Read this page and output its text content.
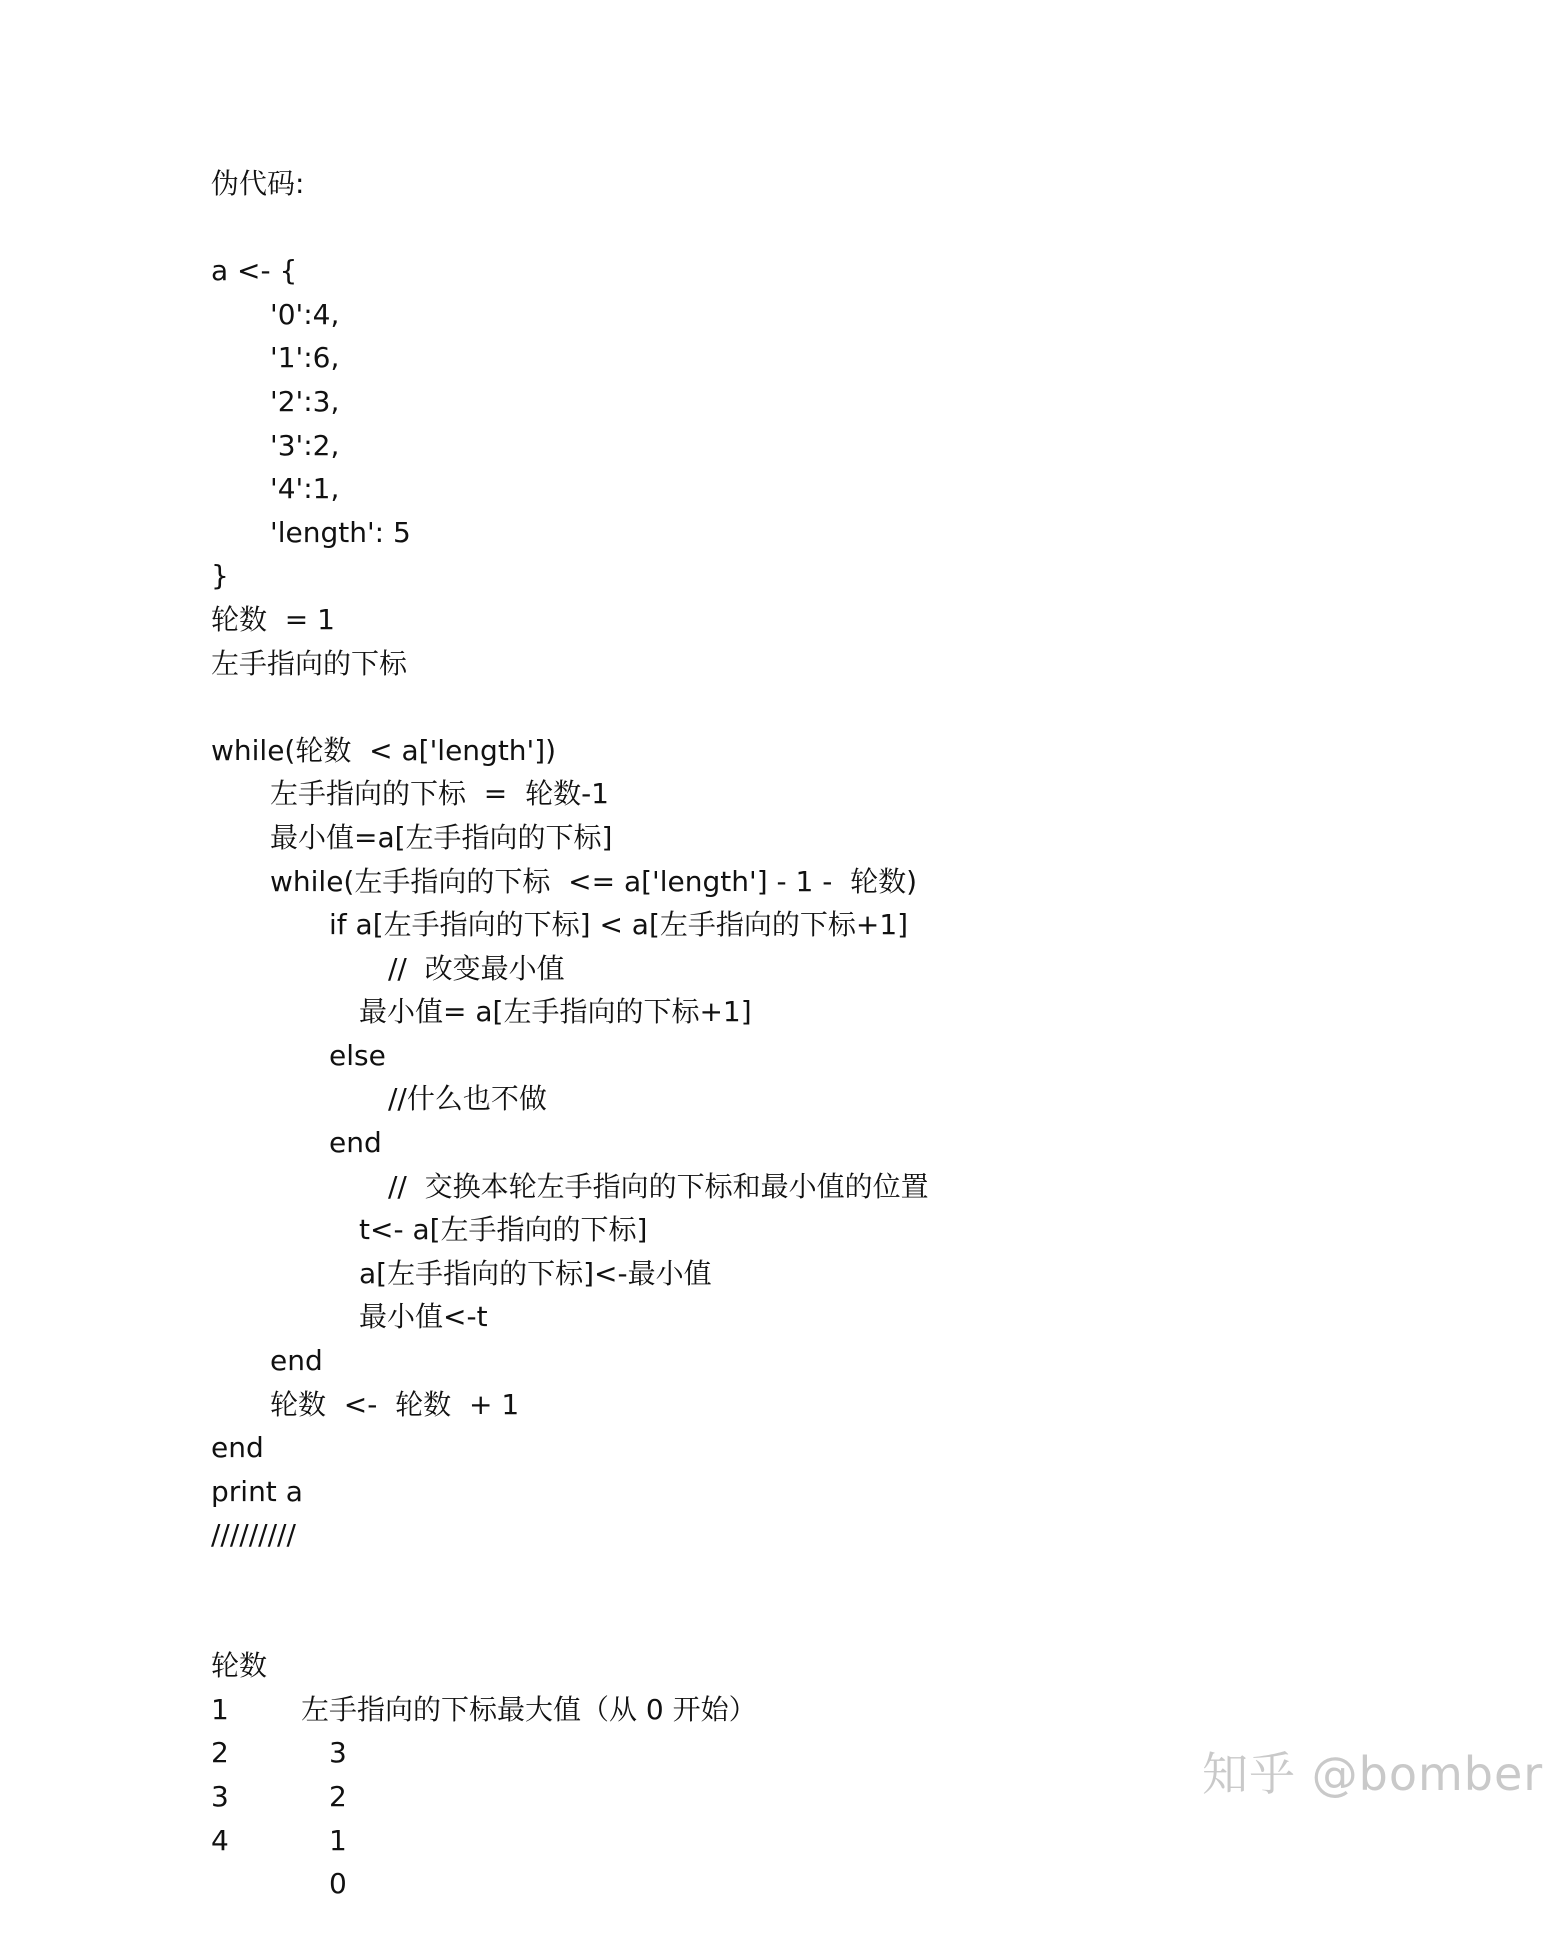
伪代码:
a <- {
'0':4,
'1':6,
'2':3,
'3':2,
'4':1,
'length': 5
}
轮数  = 1
左手指向的下标
while(轮数  < a['length'])
左手指向的下标  =  轮数-1
最小值=a[左手指向的下标]
while(左手指向的下标  <= a['length'] - 1 -  轮数)
if a[左手指向的下标] < a[左手指向的下标+1]
//  改变最小值
最小值= a[左手指向的下标+1]
else
//什么也不做
end
//  交换本轮左手指向的下标和最小值的位置
t<- a[左手指向的下标]
a[左手指向的下标]<-最小值
最小值<-t
end
轮数  <-  轮数  + 1
end
print a
/////////

轮数

左手指向的下标最大值（从 0 开始）

1

3

2

2

3

1

4

0

知乎 @bomber
